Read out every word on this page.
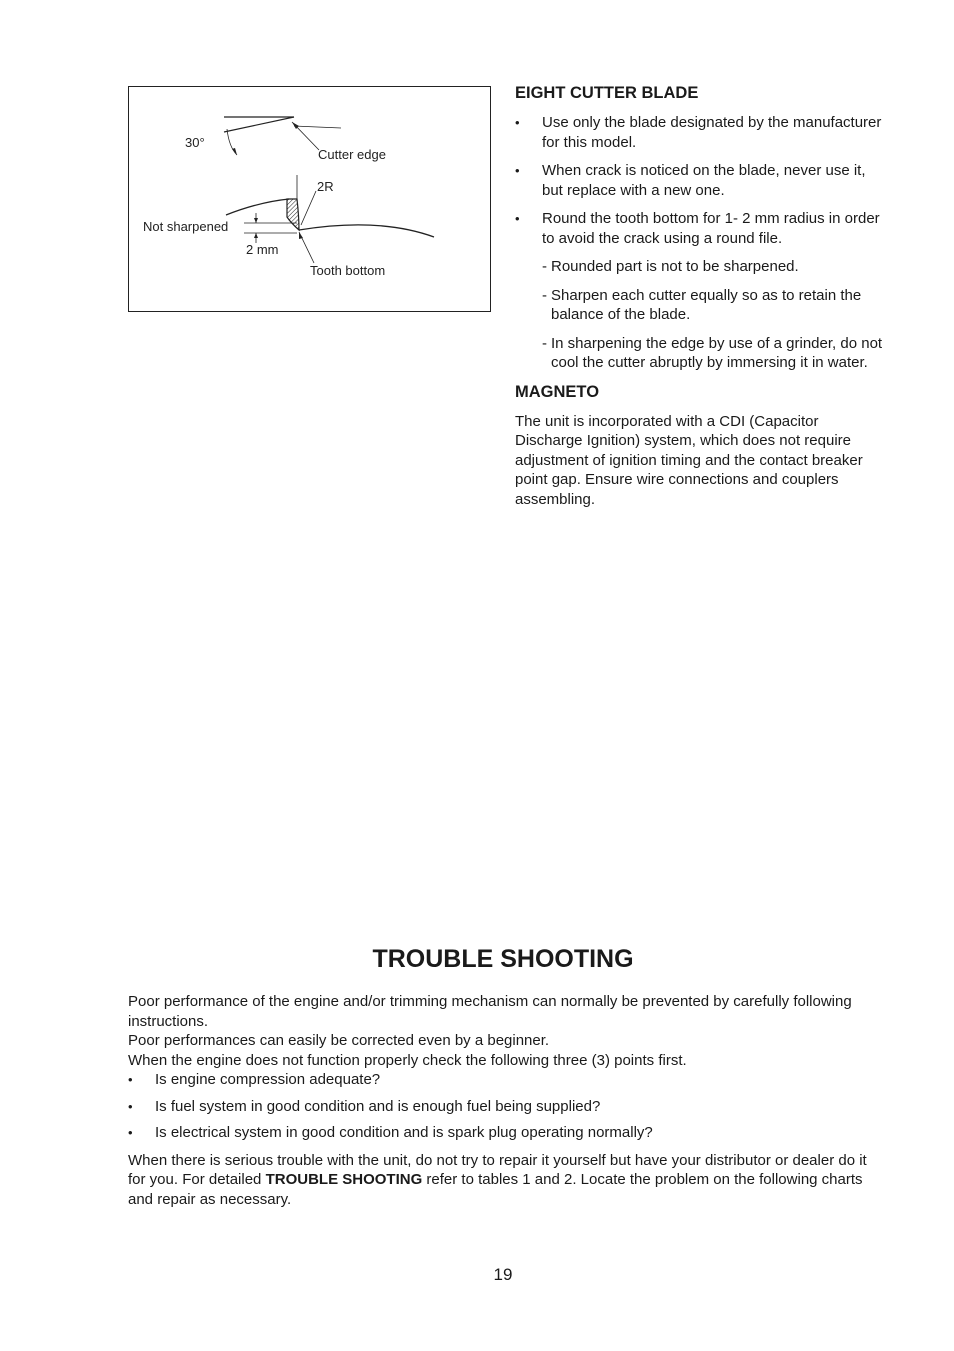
30°
Cutter edge
2R
Not sharpened
2 mm
Tooth bottom
EIGHT CUTTER BLADE
• Use only the blade designated by the manufacturer for this model.
• When crack is noticed on the blade, never use it, but replace with a new one.
• Round the tooth bottom for 1- 2 mm radius in order to avoid the crack using a round file.
- Rounded part is not to be sharpened.
- Sharpen each cutter equally so as to retain the balance of the blade.
- In sharpening the edge by use of a grinder, do not cool the cutter abruptly by immersing it in water.
MAGNETO

The unit is incorporated with a CDI (Capacitor Discharge Ignition) system, which does not require adjustment of ignition timing and the contact breaker point gap. Ensure wire connections and couplers assembling.

TROUBLE SHOOTING

Poor performance of the engine and/or trimming mechanism can normally be prevented by carefully following instructions.

Poor performances can easily be corrected even by a beginner.

When the engine does not function properly check the following three (3) points first.

• Is engine compression adequate?
• Is fuel system in good condition and is enough fuel being supplied?
• Is electrical system in good condition and is spark plug operating normally?

When there is serious trouble with the unit, do not try to repair it yourself but have your distributor or dealer do it for you. For detailed TROUBLE SHOOTING refer to tables 1 and 2. Locate the problem on the following charts and repair as necessary.

19
